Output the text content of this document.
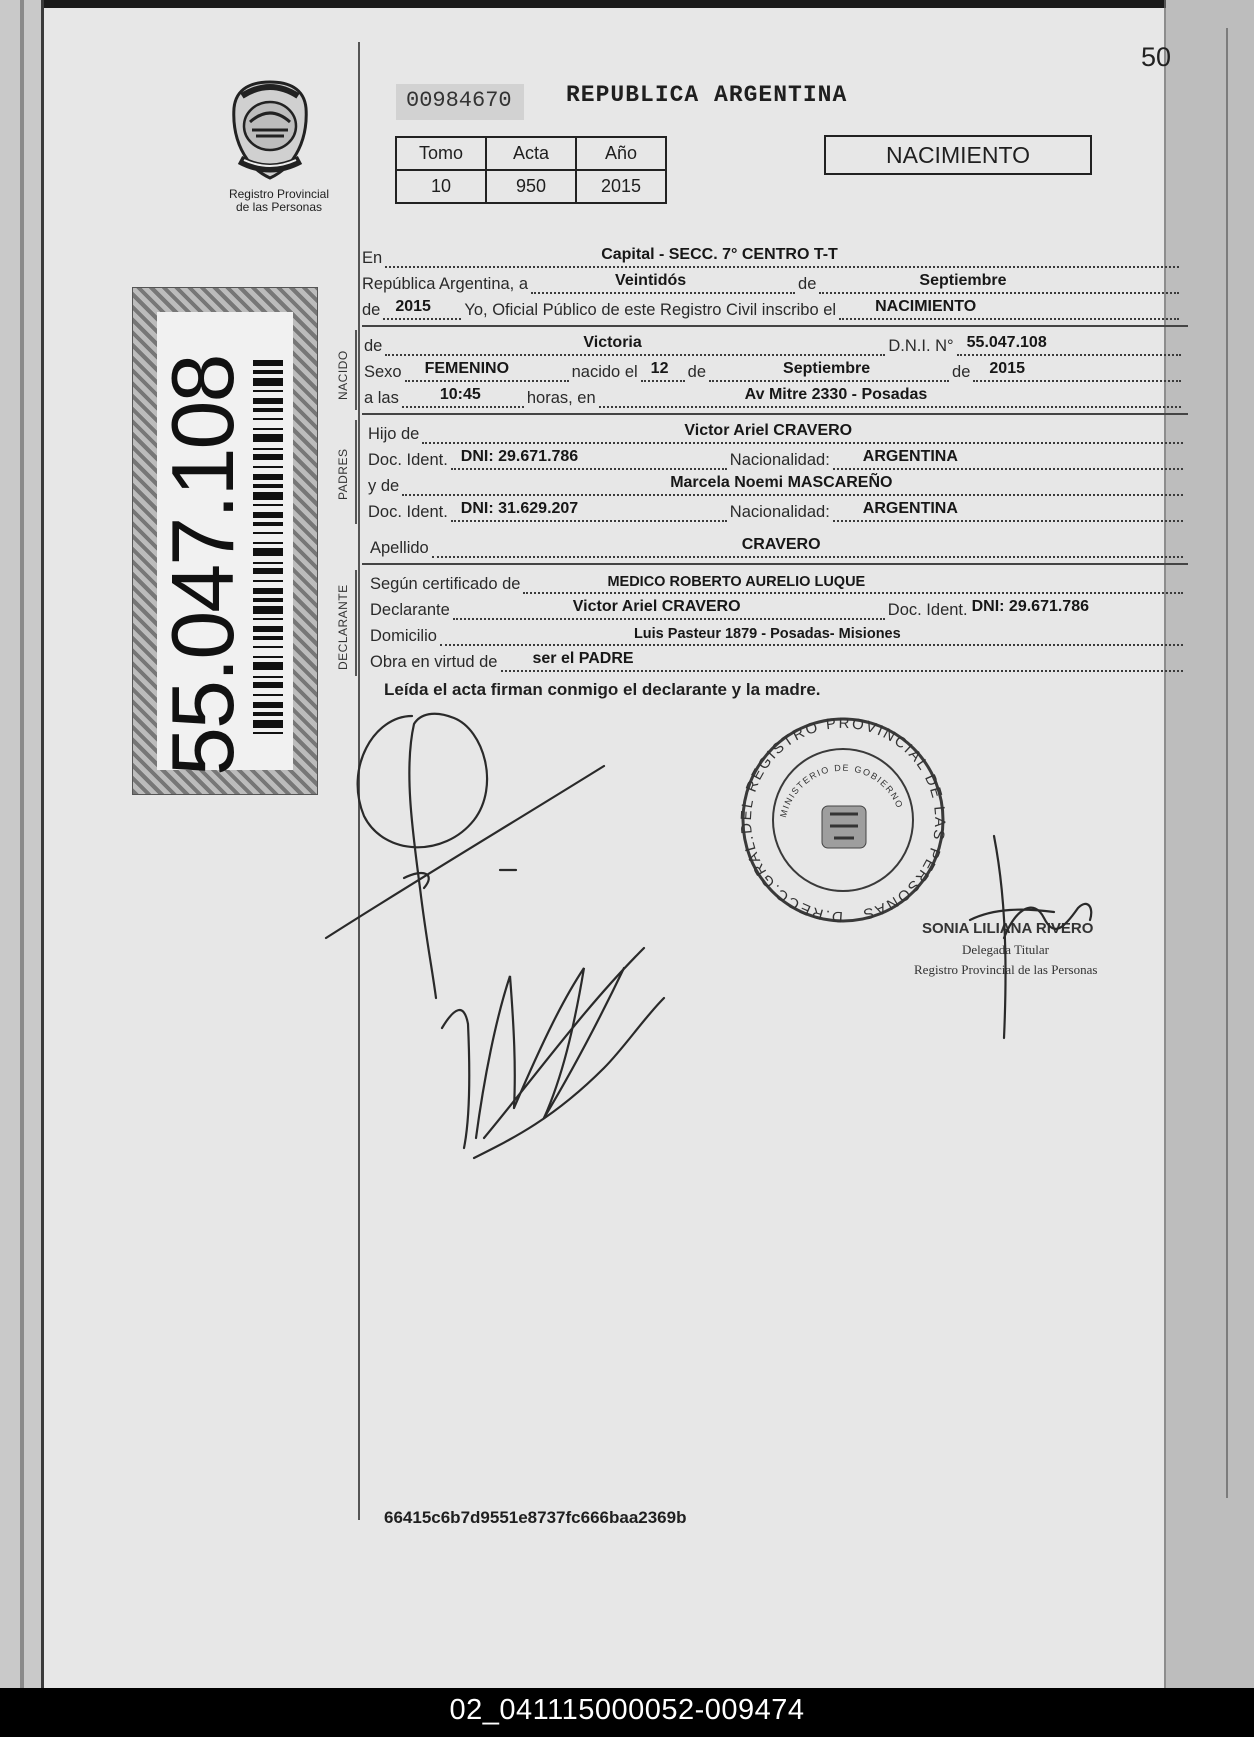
50
Registro Provincial
de las Personas
55.047.108
00984670 REPUBLICA ARGENTINA
Tomo	Acta	Año
10	950	2015
NACIMIENTO
En	Capital - SECC. 7° CENTRO T-T
República Argentina, a	Veintidós	de	Septiembre
de 2015 Yo, Oficial Público de este Registro Civil inscribo el NACIMIENTO
NACIDO
de	Victoria	D.N.I. N° 55.047.108
Sexo FEMENINO	nacido el 12 de	Septiembre	de 2015
a las	10:45	horas, en	Av Mitre 2330 - Posadas
PADRES
Hijo de	Victor Ariel CRAVERO
Doc. Ident. DNI: 29.671.786	Nacionalidad: ARGENTINA
y de	Marcela Noemi MASCAREÑO
Doc. Ident. DNI: 31.629.207	Nacionalidad: ARGENTINA
Apellido	CRAVERO
DECLARANTE
Según certificado de	MEDICO ROBERTO AURELIO LUQUE
Declarante	Victor Ariel CRAVERO	Doc. Ident. DNI: 29.671.786
Domicilio	Luis Pasteur 1879 - Posadas- Misiones
Obra en virtud de ser el PADRE
Leída el acta firman conmigo el declarante y la madre.
D.RECC.GRAL.DEL REGISTRO PROVINCIAL DE LAS PERSONAS
MINISTERIO DE GOBIERNO
SONIA LILIANA RIVERO
Delegada Titular
Registro Provincial de las Personas
66415c6b7d9551e8737fc666baa2369b
02_041115000052-009474
